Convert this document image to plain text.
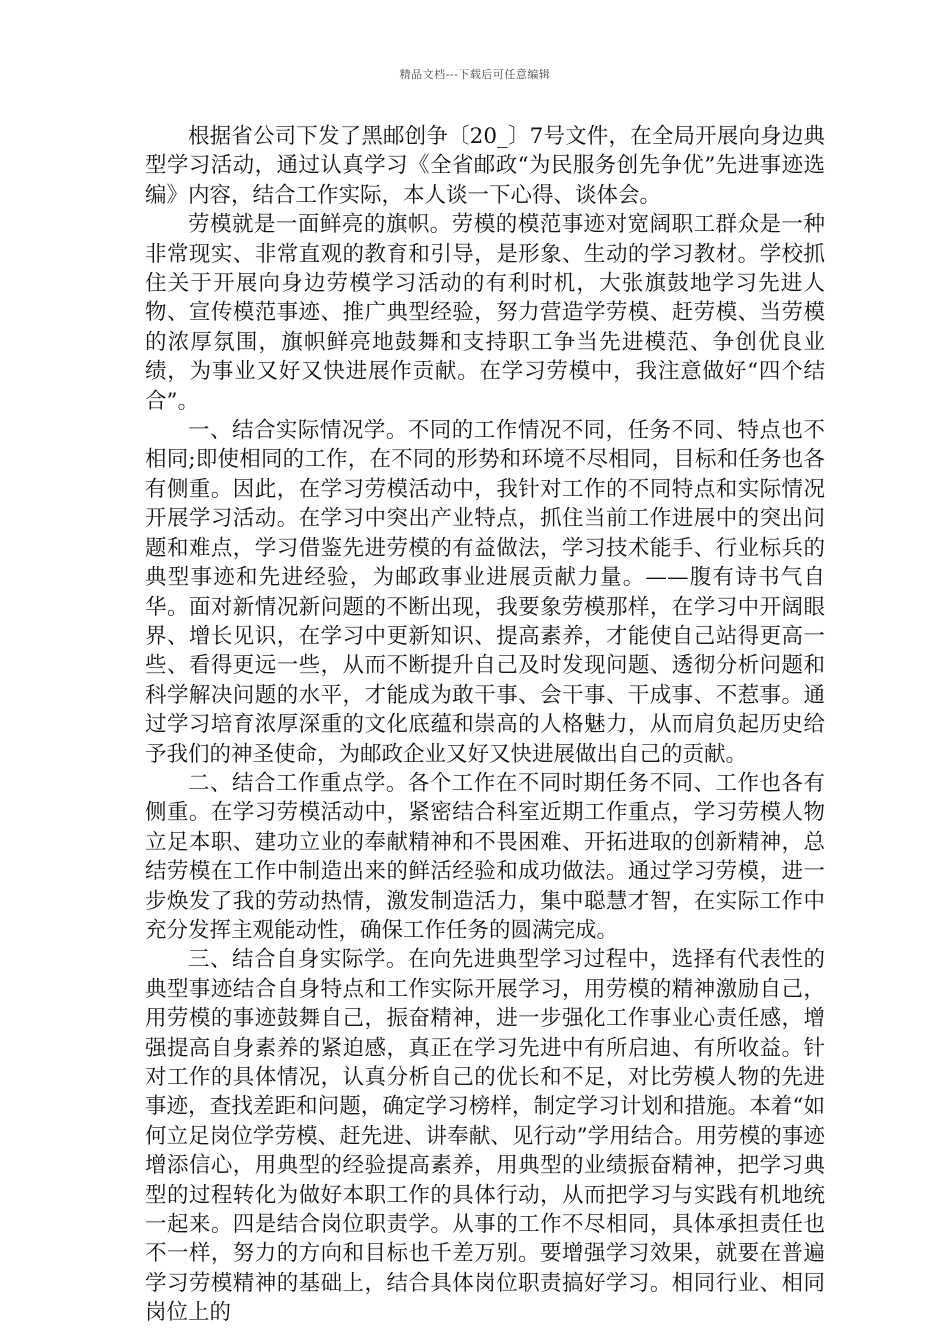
精品文档---下载后可任意编辑

根据省公司下发了黑邮创争〔20_〕7号文件，在全局开展向身边典型学习活动，通过认真学习《全省邮政“为民服务创先争优”先进事迹选编》内容，结合工作实际，本人谈一下心得、谈体会。

劳模就是一面鲜亮的旗帜。劳模的模范事迹对宽阔职工群众是一种非常现实、非常直观的教育和引导，是形象、生动的学习教材。学校抓住关于开展向身边劳模学习活动的有利时机，大张旗鼓地学习先进人物、宣传模范事迹、推广典型经验，努力营造学劳模、赶劳模、当劳模的浓厚氛围，旗帜鲜亮地鼓舞和支持职工争当先进模范、争创优良业绩，为事业又好又快进展作贡献。在学习劳模中，我注意做好“四个结合”。

一、结合实际情况学。不同的工作情况不同，任务不同、特点也不相同;即使相同的工作，在不同的形势和环境不尽相同，目标和任务也各有侧重。因此，在学习劳模活动中，我针对工作的不同特点和实际情况开展学习活动。在学习中突出产业特点，抓住当前工作进展中的突出问题和难点，学习借鉴先进劳模的有益做法，学习技术能手、行业标兵的典型事迹和先进经验，为邮政事业进展贡献力量。——腹有诗书气自华。面对新情况新问题的不断出现，我要象劳模那样，在学习中开阔眼界、增长见识，在学习中更新知识、提高素养，才能使自己站得更高一些、看得更远一些，从而不断提升自己及时发现问题、透彻分析问题和科学解决问题的水平，才能成为敢干事、会干事、干成事、不惹事。通过学习培育浓厚深重的文化底蕴和崇高的人格魅力，从而肩负起历史给予我们的神圣使命，为邮政企业又好又快进展做出自己的贡献。

二、结合工作重点学。各个工作在不同时期任务不同、工作也各有侧重。在学习劳模活动中，紧密结合科室近期工作重点，学习劳模人物立足本职、建功立业的奉献精神和不畏困难、开拓进取的创新精神，总结劳模在工作中制造出来的鲜活经验和成功做法。通过学习劳模，进一步焕发了我的劳动热情，激发制造活力，集中聪慧才智，在实际工作中充分发挥主观能动性，确保工作任务的圆满完成。

三、结合自身实际学。在向先进典型学习过程中，选择有代表性的典型事迹结合自身特点和工作实际开展学习，用劳模的精神激励自己，用劳模的事迹鼓舞自己，振奋精神，进一步强化工作事业心责任感，增强提高自身素养的紧迫感，真正在学习先进中有所启迪、有所收益。针对工作的具体情况，认真分析自己的优长和不足，对比劳模人物的先进事迹，查找差距和问题，确定学习榜样，制定学习计划和措施。本着“如何立足岗位学劳模、赶先进、讲奉献、见行动”学用结合。用劳模的事迹增添信心，用典型的经验提高素养，用典型的业绩振奋精神，把学习典型的过程转化为做好本职工作的具体行动，从而把学习与实践有机地统一起来。四是结合岗位职责学。从事的工作不尽相同，具体承担责任也不一样，努力的方向和目标也千差万别。要增强学习效果，就要在普遍学习劳模精神的基础上，结合具体岗位职责搞好学习。相同行业、相同岗位上的
